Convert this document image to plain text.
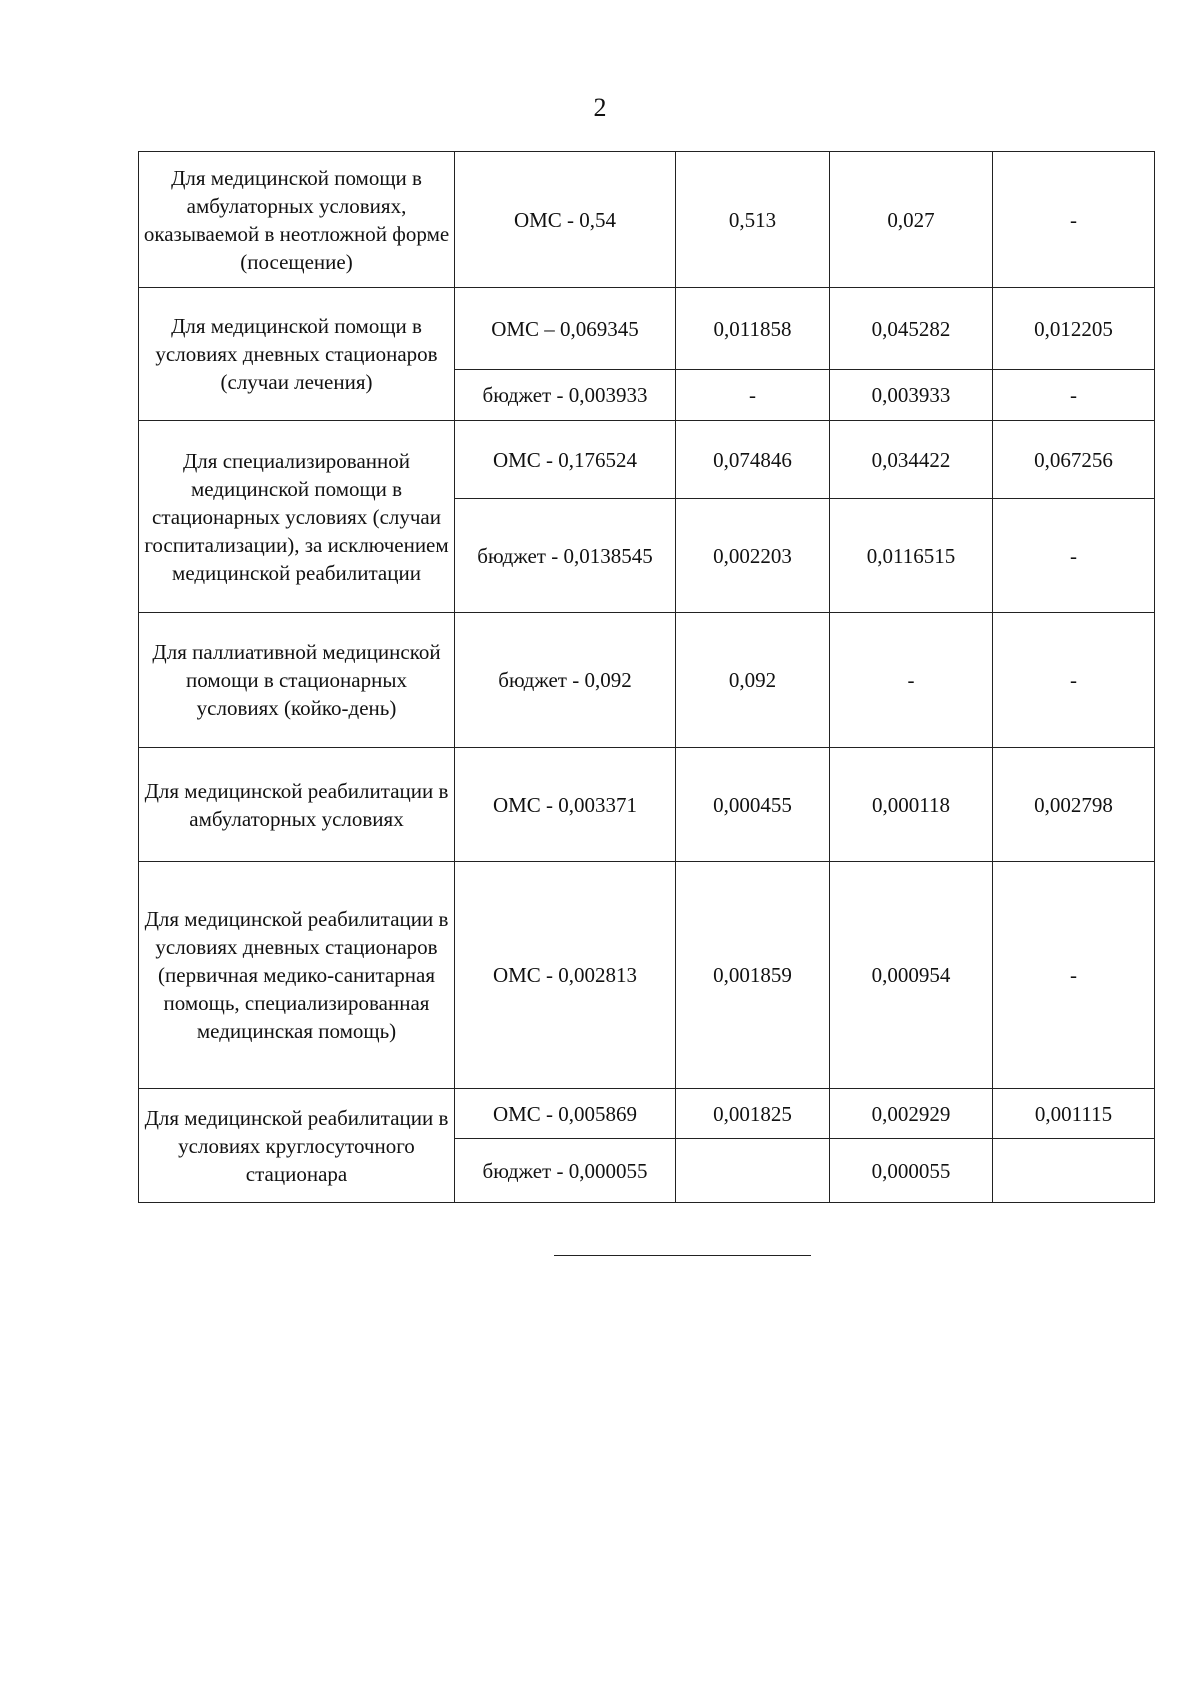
2
Для медицинской помощи в амбулаторных условиях, оказываемой в неотложной форме (посещение)	ОМС - 0,54	0,513	0,027	-
Для медицинской помощи в условиях дневных стационаров (случаи лечения)	ОМС – 0,069345	0,011858	0,045282	0,012205
	бюджет - 0,003933	-	0,003933	-
Для специализированной медицинской помощи в стационарных условиях (случаи госпитализации), за исключением медицинской реабилитации	ОМС - 0,176524	0,074846	0,034422	0,067256
	бюджет - 0,0138545	0,002203	0,0116515	-
Для паллиативной медицинской помощи в стационарных условиях (койко-день)	бюджет - 0,092	0,092	-	-
Для медицинской реабилитации в амбулаторных условиях	ОМС - 0,003371	0,000455	0,000118	0,002798
Для медицинской реабилитации в условиях дневных стационаров (первичная медико-санитарная помощь, специализированная медицинская помощь)	ОМС - 0,002813	0,001859	0,000954	-
Для медицинской реабилитации в условиях круглосуточного стационара	ОМС - 0,005869	0,001825	0,002929	0,001115
	бюджет - 0,000055		0,000055	
